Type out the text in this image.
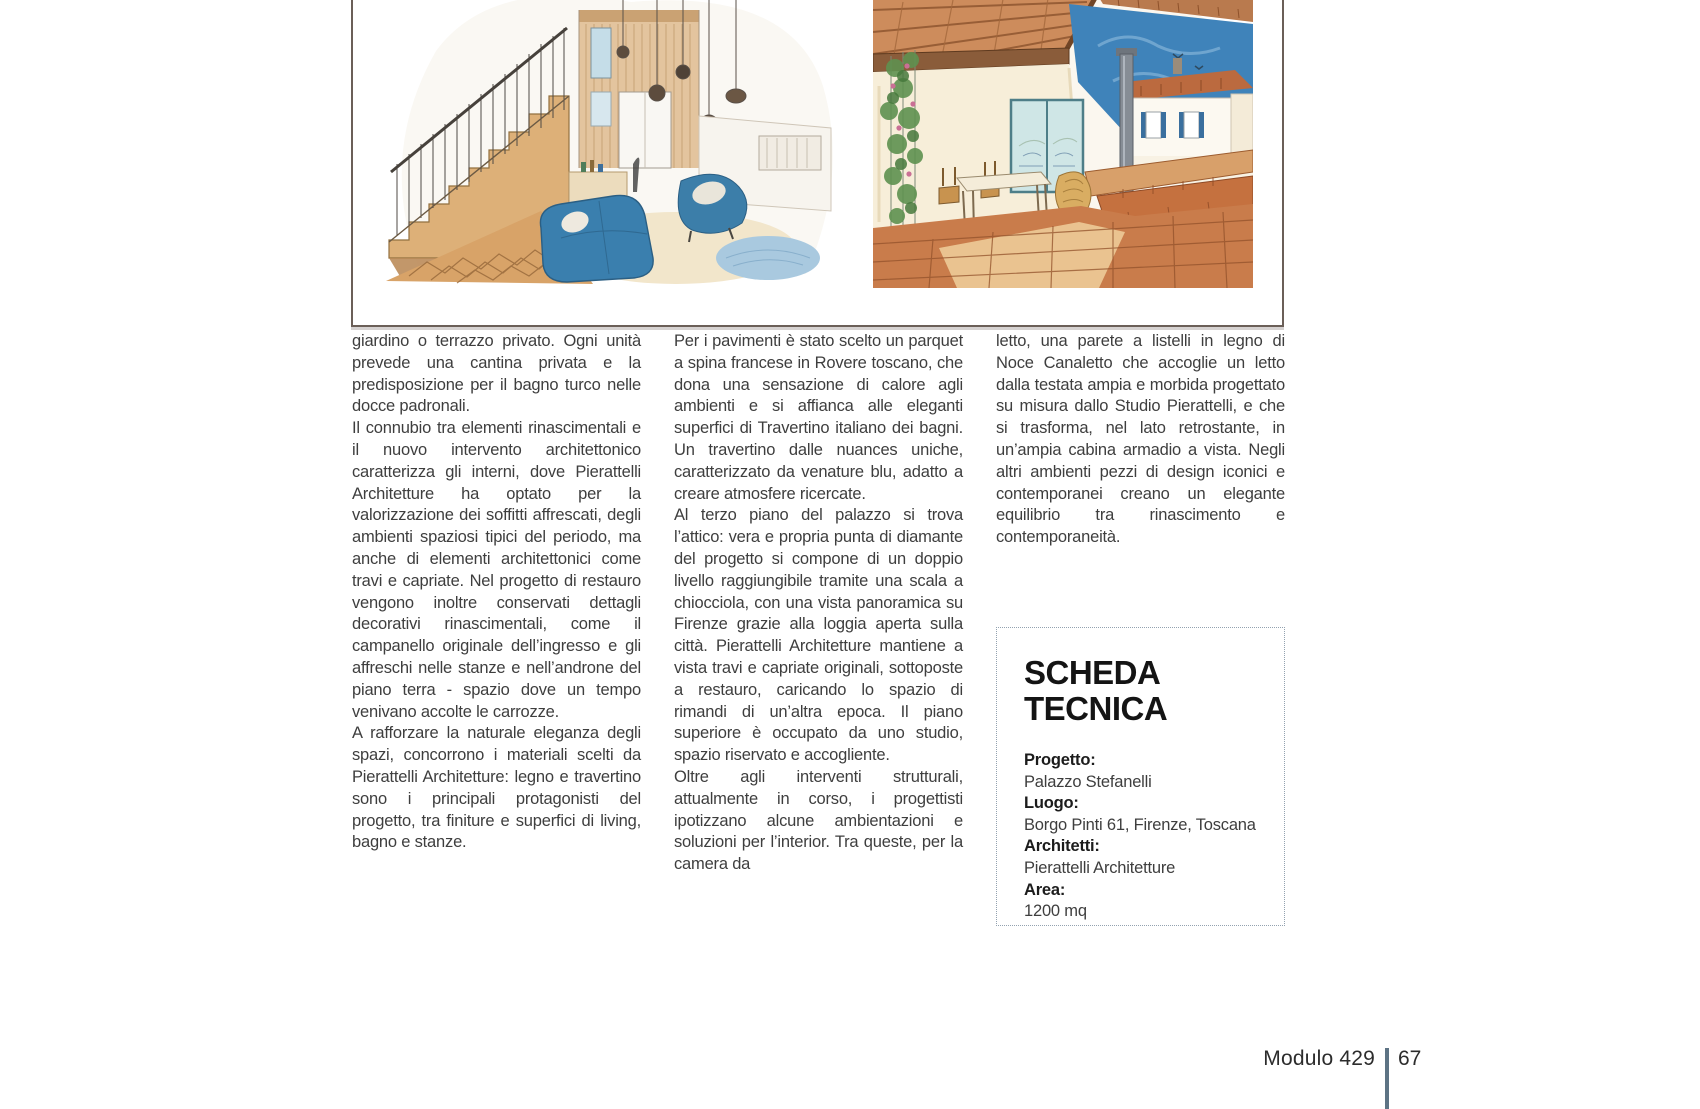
giardino o terrazzo privato. Ogni unità prevede una cantina privata e la predisposizione per il bagno turco nelle docce padronali.

Il connubio tra elementi rinascimentali e il nuovo intervento architettonico caratterizza gli interni, dove Pierattelli Architetture ha optato per la valorizzazione dei soffitti affrescati, degli ambienti spaziosi tipici del periodo, ma anche di elementi architettonici come travi e capriate. Nel progetto di restauro vengono inoltre conservati dettagli decorativi rinascimentali, come il campanello originale dell’ingresso e gli affreschi nelle stanze e nell’androne del piano terra - spazio dove un tempo venivano accolte le carrozze.

A rafforzare la naturale eleganza degli spazi, concorrono i materiali scelti da Pierattelli Architetture: legno e travertino sono i principali protagonisti del progetto, tra finiture e superfici di living, bagno e stanze.

Per i pavimenti è stato scelto un parquet a spina francese in Rovere toscano, che dona una sensazione di calore agli ambienti e si affianca alle eleganti superfici di Travertino italiano dei bagni. Un travertino dalle nuances uniche, caratterizzato da venature blu, adatto a creare atmosfere ricercate.

Al terzo piano del palazzo si trova l’attico: vera e propria punta di diamante del progetto si compone di un doppio livello raggiungibile tramite una scala a chiocciola, con una vista panoramica su Firenze grazie alla loggia aperta sulla città. Pierattelli Architetture mantiene a vista travi e capriate originali, sottoposte a restauro, caricando lo spazio di rimandi di un’altra epoca. Il piano superiore è occupato da uno studio, spazio riservato e accogliente.

Oltre agli interventi strutturali, attualmente in corso, i progettisti ipotizzano alcune ambientazioni e soluzioni per l’interior. Tra queste, per la camera da

letto, una parete a listelli in legno di Noce Canaletto che accoglie un letto dalla testata ampia e morbida progettato su misura dallo Studio Pierattelli, e che si trasforma, nel lato retrostante, in un’ampia cabina armadio a vista. Negli altri ambienti pezzi di design iconici e contemporanei creano un elegante equilibrio tra rinascimento e contemporaneità.

SCHEDA
TECNICA
Progetto:
Palazzo Stefanelli
Luogo:
Borgo Pinti 61, Firenze, Toscana
Architetti:
Pierattelli Architetture
Area:
1200 mq
Modulo 429 67
